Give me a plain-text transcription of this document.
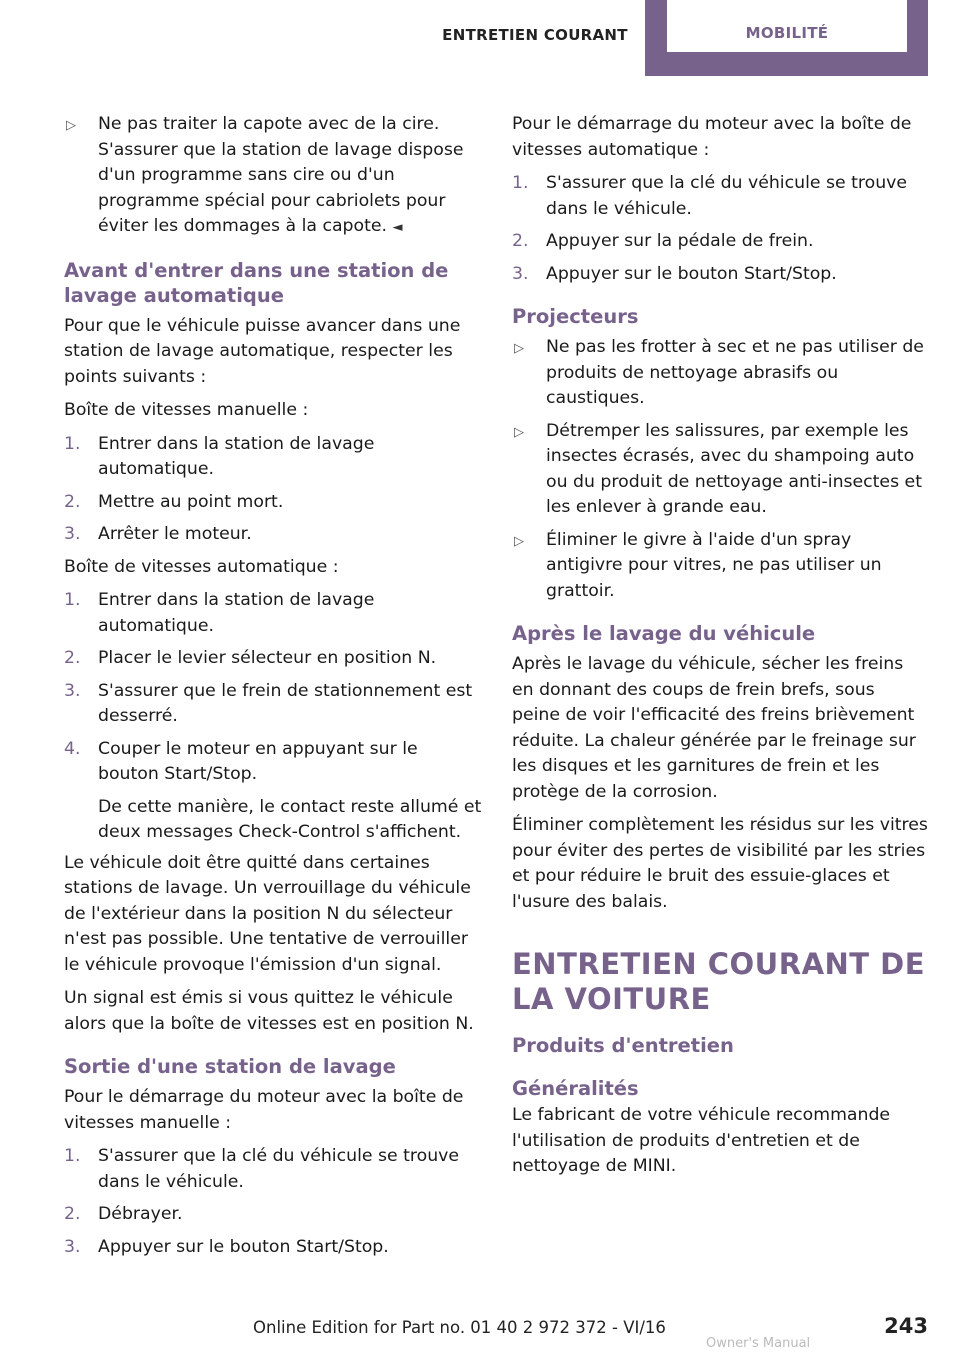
ENTRETIEN COURANT	MOBILITÉ
▷ Ne pas traiter la capote avec de la cire. S'assurer que la station de lavage dispose d'un programme sans cire ou d'un programme spécial pour cabriolets pour éviter les dommages à la capote. ◄
Avant d'entrer dans une station de lavage automatique

Pour que le véhicule puisse avancer dans une station de lavage automatique, respecter les points suivants :

Boîte de vitesses manuelle :

1. Entrer dans la station de lavage automatique.
2. Mettre au point mort.
3. Arrêter le moteur.

Boîte de vitesses automatique :

1. Entrer dans la station de lavage automatique.
2. Placer le levier sélecteur en position N.
3. S'assurer que le frein de stationnement est desserré.
4. Couper le moteur en appuyant sur le bouton Start/Stop.
De cette manière, le contact reste allumé et deux messages Check-Control s'affichent.

Le véhicule doit être quitté dans certaines stations de lavage. Un verrouillage du véhicule de l'extérieur dans la position N du sélecteur n'est pas possible. Une tentative de verrouiller le véhicule provoque l'émission d'un signal.

Un signal est émis si vous quittez le véhicule alors que la boîte de vitesses est en position N.

Sortie d'une station de lavage

Pour le démarrage du moteur avec la boîte de vitesses manuelle :

1. S'assurer que la clé du véhicule se trouve dans le véhicule.
2. Débrayer.
3. Appuyer sur le bouton Start/Stop.

Pour le démarrage du moteur avec la boîte de vitesses automatique :

1. S'assurer que la clé du véhicule se trouve dans le véhicule.
2. Appuyer sur la pédale de frein.
3. Appuyer sur le bouton Start/Stop.
Projecteurs
▷ Ne pas les frotter à sec et ne pas utiliser de produits de nettoyage abrasifs ou caustiques.
▷ Détremper les salissures, par exemple les insectes écrasés, avec du shampoing auto ou du produit de nettoyage anti-insectes et les enlever à grande eau.
▷ Éliminer le givre à l'aide d'un spray antigivre pour vitres, ne pas utiliser un grattoir.
Après le lavage du véhicule

Après le lavage du véhicule, sécher les freins en donnant des coups de frein brefs, sous peine de voir l'efficacité des freins brièvement réduite. La chaleur générée par le freinage sur les disques et les garnitures de frein et les protège de la corrosion.

Éliminer complètement les résidus sur les vitres pour éviter des pertes de visibilité par les stries et pour réduire le bruit des essuie-glaces et l'usure des balais.

ENTRETIEN COURANT DE LA VOITURE
Produits d'entretien
Généralités

Le fabricant de votre véhicule recommande l'utilisation de produits d'entretien et de nettoyage de MINI.

Online Edition for Part no. 01 40 2 972 372 - VI/16	243
Owner's Manual
